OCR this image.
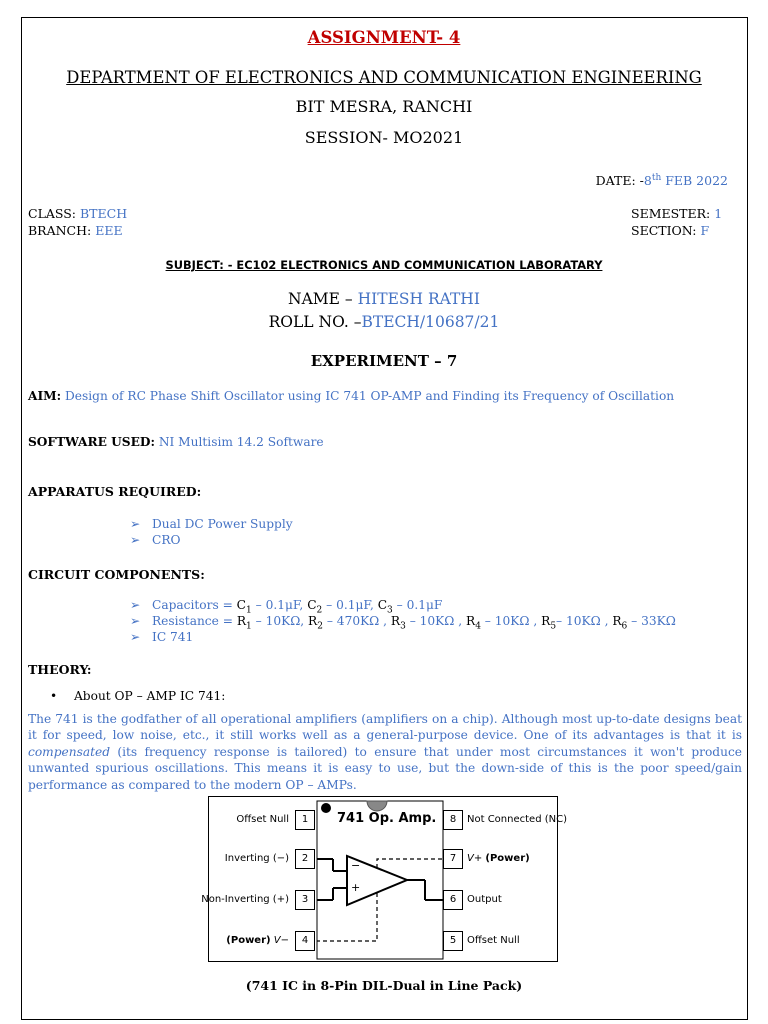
ASSIGNMENT- 4
DEPARTMENT OF ELECTRONICS AND COMMUNICATION ENGINEERING
BIT MESRA, RANCHI
SESSION- MO2021
DATE: -8th FEB 2022
CLASS: BTECH
BRANCH: EEE
SEMESTER: 1
SECTION: F
SUBJECT: - EC102 ELECTRONICS AND COMMUNICATION LABORATARY
NAME – HITESH RATHI
ROLL NO. –BTECH/10687/21
EXPERIMENT – 7
AIM: Design of RC Phase Shift Oscillator using IC 741 OP-AMP and Finding its Frequency of Oscillation
SOFTWARE USED: NI Multisim 14.2 Software
APPARATUS REQUIRED:
➢ Dual DC Power Supply
➢ CRO
CIRCUIT COMPONENTS:
➢ Capacitors = $C_1 - 0.1\mu F$, $C_2 - 0.1\mu F$, $C_3 - 0.1\mu F$
➢ Resistance = $R_1 - 10K\Omega$, $R_2 - 470K\Omega$ , $R_3 - 10K\Omega$ , $R_4 - 10K\Omega$ , $R_5-$ 10KΩ , $R_6 - 33K\Omega$
➢ IC 741
THEORY:
• About OP – AMP IC 741:
The 741 is the godfather of all operational amplifiers (amplifiers on a chip). Although most up-to-date designs beat it for speed, low noise, etc., it still works well as a general-purpose device. One of its advantages is that it is compensated (its frequency response is tailored) to ensure that under most circumstances it won't produce unwanted spurious oscillations. This means it is easy to use, but the down-side of this is the poor speed/gain performance as compared to the modern OP – AMPs.
741 Op. Amp.
−
+
1
2
3
4	5
6
7
8
Offset Null
Inverting (−)
Non-Inverting (+)
(Power) V−	Offset Null
Output
V+ (Power)
Not Connected (NC)
(741 IC in 8-Pin DIL-Dual in Line Pack)
